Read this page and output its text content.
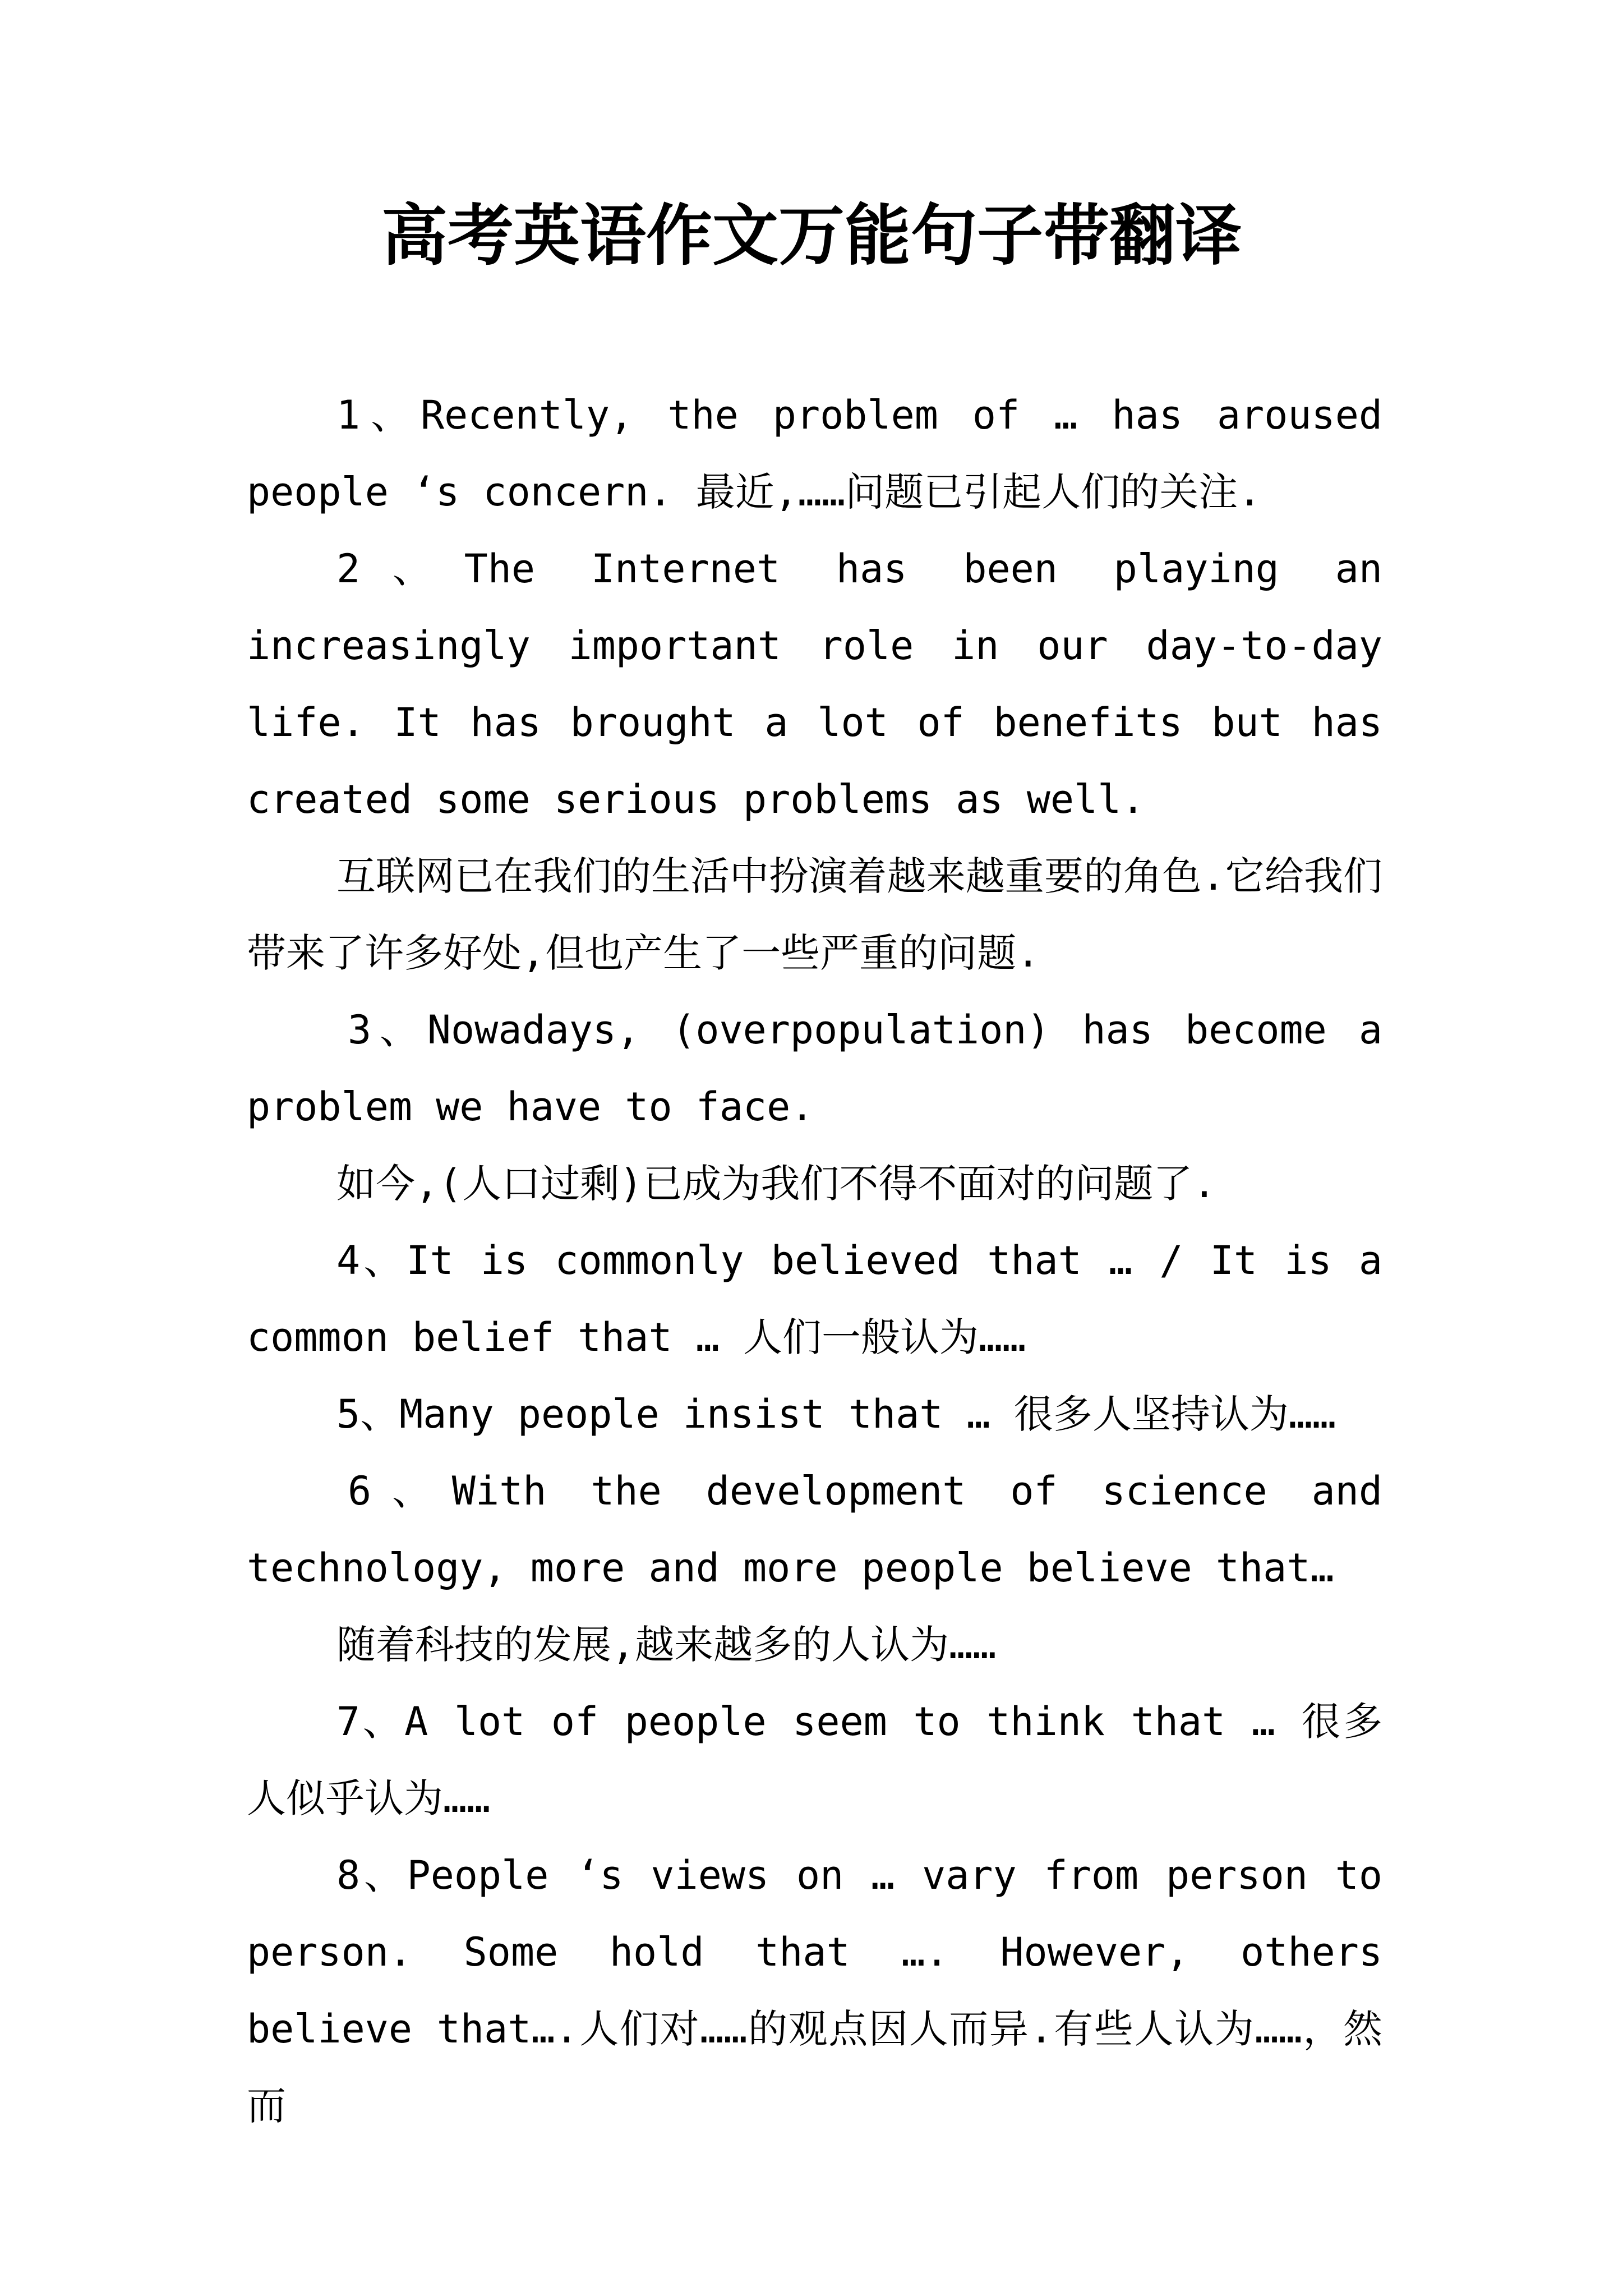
高考英语作文万能句子带翻译

1、Recently, the problem of … has aroused people ‘s concern. 最近,……问题已引起人们的关注.

2、The Internet has been playing an increasingly important role in our day-to-day life. It has brought a lot of benefits but has created some serious problems as well.

互联网已在我们的生活中扮演着越来越重要的角色.它给我们带来了许多好处,但也产生了一些严重的问题.

3、Nowadays, (overpopulation) has become a problem we have to face.

如今,(人口过剩)已成为我们不得不面对的问题了.

4、It is commonly believed that … / It is a common belief that … 人们一般认为……

5、Many people insist that … 很多人坚持认为……

6、With the development of science and technology, more and more people believe that…

随着科技的发展,越来越多的人认为……

7、A lot of people seem to think that … 很多人似乎认为……

8、People ‘s views on … vary from person to person. Some hold that …. However, others believe that….人们对……的观点因人而异.有些人认为……，然而
